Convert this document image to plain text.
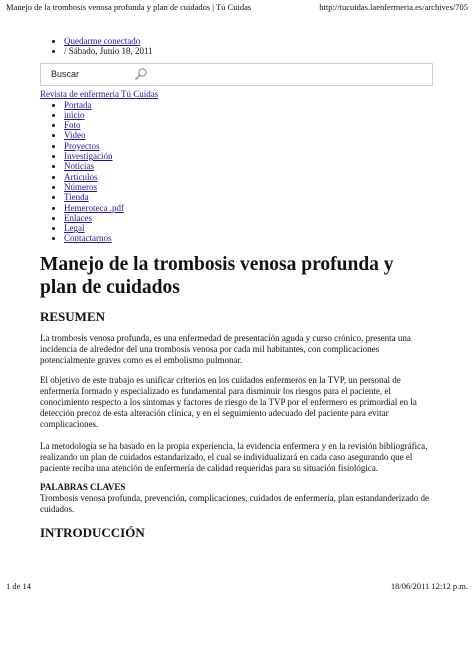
Manejo de la trombosis venosa profunda y plan de cuidados | Tú Cuidas	http://tucuidas.laenfermeria.es/archives/705
• Quedarme conectado
• / Sábado, Junio 18, 2011
Buscar
Revista de enfermeria Tú Cuidas
• Portada
• inicio
• Foto
• Video
• Proyectos
• Investigación
• Noticias
• Artículos
• Números
• Tienda
• Hemeroteca .pdf
• Enlaces
• Legal
• Contactarnos
Manejo de la trombosis venosa profunda y plan de cuidados
RESUMEN

La trombosis venosa profunda, es una enfermedad de presentación aguda y curso crónico, presenta una incidencia de alrededor del una trombosis venosa por cada mil habitantes, con complicaciones potencialmente graves como es el embolismo pulmonar.

El objetivo de este trabajo es unificar criterios en los cuidados enfermeros en la TVP, un personal de enfermería formado y especializado es fundamental para disminuir los riesgos para el paciente, el conocimiento respecto a los síntomas y factores de riesgo de la TVP por el enfermero es primordial en la detección precoz de esta alteración clínica, y en el seguimiento adecuado del paciente para evitar complicaciones.

La metodología se ha basado en la propia experiencia, la evidencia enfermera y en la revisión bibliográfica, realizando un plan de cuidados estandarizado, el cual se individualizará en cada caso asegurando que el paciente reciba una atención de enfermería de calidad requeridas para su situación fisiológica.

PALABRAS CLAVES

Trombosis venosa profunda, prevención, complicaciones, cuidados de enfermería, plan estandanderizado de cuidados.

INTRODUCCIÓN
1 de 14	18/06/2011 12:12 p.m.
